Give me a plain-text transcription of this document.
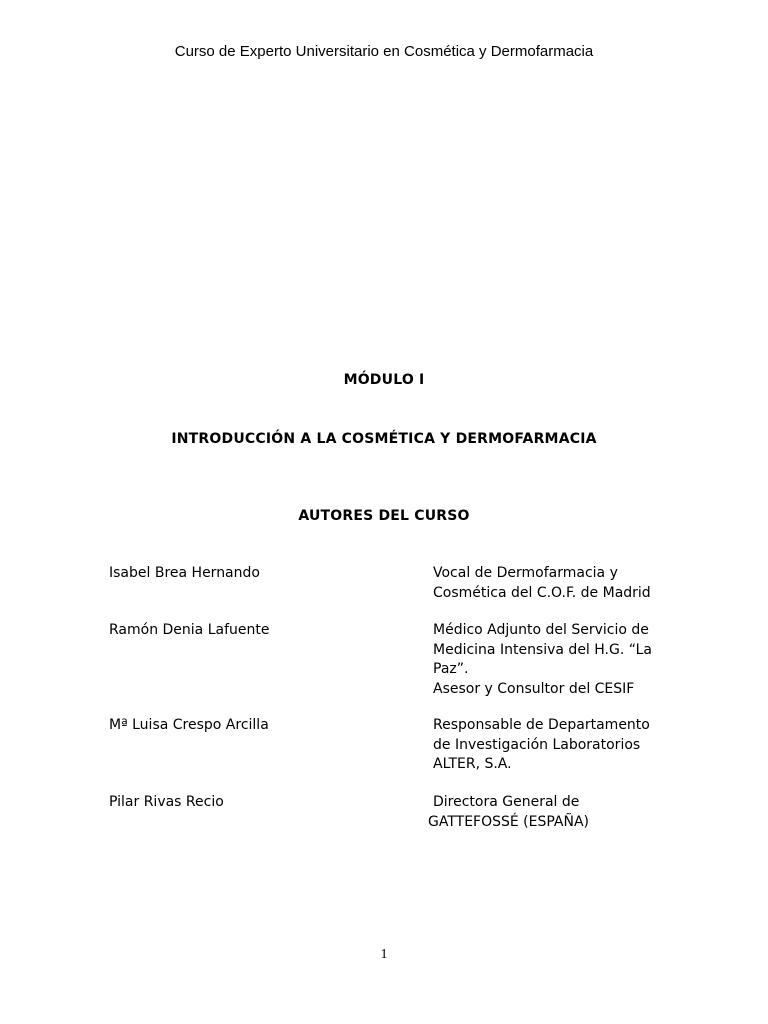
Curso de Experto Universitario en Cosmética y Dermofarmacia
MÓDULO I
INTRODUCCIÓN A LA COSMÉTICA Y DERMOFARMACIA
AUTORES DEL CURSO
Isabel Brea Hernando	Vocal de Dermofarmacia y
Cosmética del C.O.F. de Madrid
Ramón Denia Lafuente	Médico Adjunto del Servicio de
Medicina Intensiva del H.G. “La
Paz”.
Asesor y Consultor del CESIF
Mª Luisa Crespo Arcilla	Responsable de Departamento
de Investigación Laboratorios
ALTER, S.A.
Pilar Rivas Recio	Directora General de
GATTEFOSSÉ (ESPAÑA)
1
